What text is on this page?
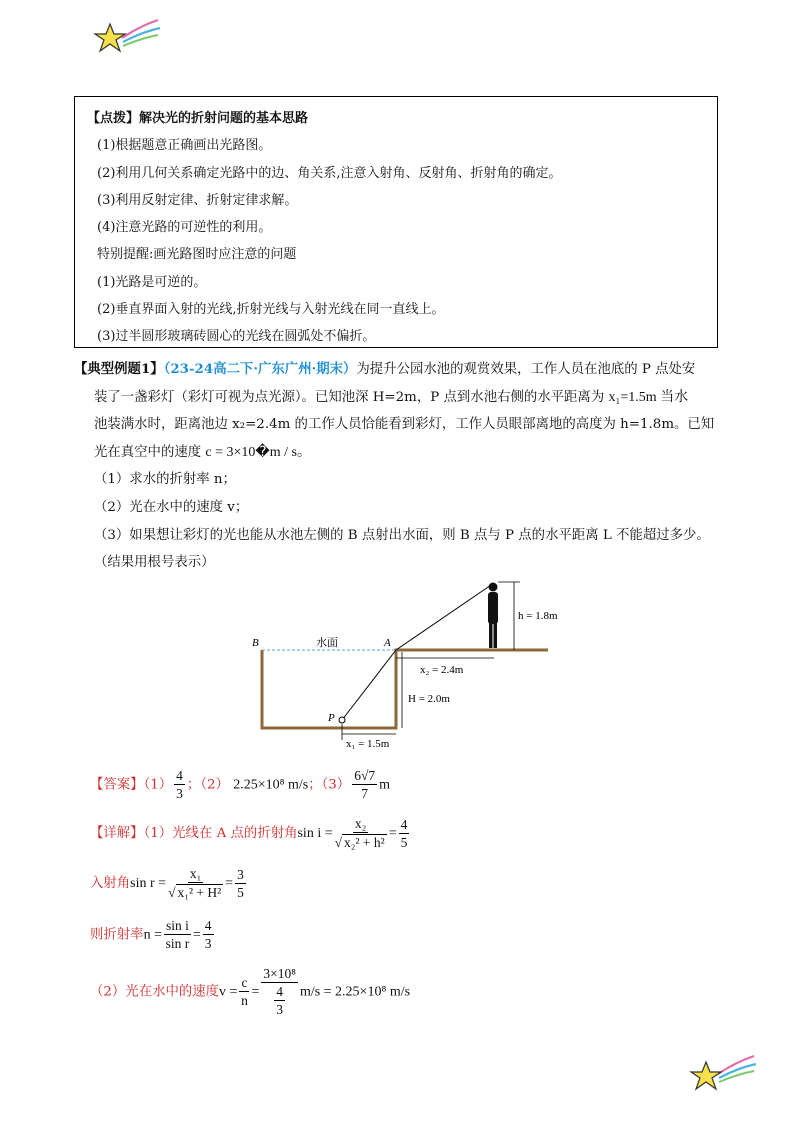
【点拨】解决光的折射问题的基本思路
(1)根据题意正确画出光路图。
(2)利用几何关系确定光路中的边、角关系,注意入射角、反射角、折射角的确定。
(3)利用反射定律、折射定律求解。
(4)注意光路的可逆性的利用。
特别提醒:画光路图时应注意的问题
(1)光路是可逆的。
(2)垂直界面入射的光线,折射光线与入射光线在同一直线上。
(3)过半圆形玻璃砖圆心的光线在圆弧处不偏折。
【典型例题1】（23-24高二下·广东广州·期末）为提升公园水池的观赏效果，工作人员在池底的 P 点处安
装了一盏彩灯（彩灯可视为点光源）。已知池深 H=2m，P 点到水池右侧的水平距离为 x₁=1.5m 当水
池装满水时，距离池边 x₂=2.4m 的工作人员恰能看到彩灯，工作人员眼部离地的高度为 h=1.8m。已知
光在真空中的速度 c = 3×10�m / s。
（1）求水的折射率 n；
（2）光在水中的速度 v；
（3）如果想让彩灯的光也能从水池左侧的 B 点射出水面，则 B 点与 P 点的水平距离 L 不能超过多少。
（结果用根号表示）
h = 1.8m
x₂ = 2.4m
H = 2.0m
x₁ = 1.5m
B	A
P
水面
【答案】$(1) \frac{4}{3}$ ；（2） 2.25×10⁸ m/s；$(3) \frac{6√7}{7}$ m
【详解】（1）光线在 A 点的折射角$\sin i = \frac{\text{x₂}}{\text{√ x₂² + h²}} = \frac{4}{5}$
入射角$\sin r = \frac{\text{x₁}}{\text{√ x₁² + H²}} = \frac{3}{5}$
则折射率$n = \frac{\text{sin i}}{\text{sin r}} = \frac{4}{3}$
（2）光在水中的速度$v = \frac{c}{n} = \frac{\text{3×10⁸}}{\frac{4}{3}} m/s = 2.25\times 10^8$ m/s
